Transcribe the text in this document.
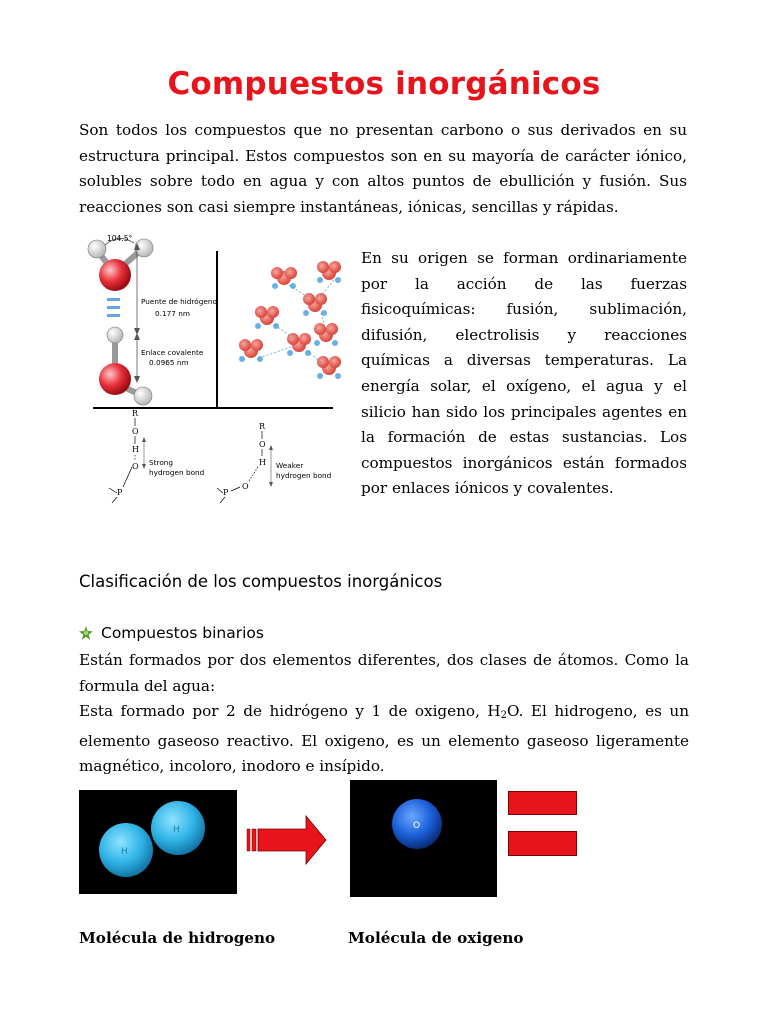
Compuestos inorgánicos
Son todos los compuestos que no presentan carbono o sus derivados en su estructura principal. Estos compuestos son en su mayoría de carácter iónico, solubles sobre todo en agua y con altos puntos de ebullición y fusión. Sus reacciones son casi siempre instantáneas, iónicas, sencillas y rápidas.
104.5°
Puente de hidrógeno
0.177 nm
Enlace covalente
0.0965 nm
R
O
H
O
P
Strong
hydrogen bond
R
O
H
O
P
Weaker
hydrogen bond
En su origen se forman ordinariamente por la acción de las fuerzas fisicoquímicas: fusión, sublimación, difusión, electrolisis y reacciones químicas a diversas temperaturas. La energía solar, el oxígeno, el agua y el silicio han sido los principales agentes en la formación de estas sustancias. Los compuestos inorgánicos están formados por enlaces iónicos y covalentes.
Clasificación de los compuestos inorgánicos
Compuestos binarios
Están formados por dos elementos diferentes, dos clases de átomos. Como la formula del agua:
Esta formado por 2 de hidrógeno y 1 de oxigeno, $H_2O$. El hidrogeno, es un elemento gaseoso reactivo. El oxigeno, es un elemento gaseoso ligeramente magnético, incoloro, inodoro e insípido.
H
H	O
Molécula de hidrogeno	Molécula de oxigeno
